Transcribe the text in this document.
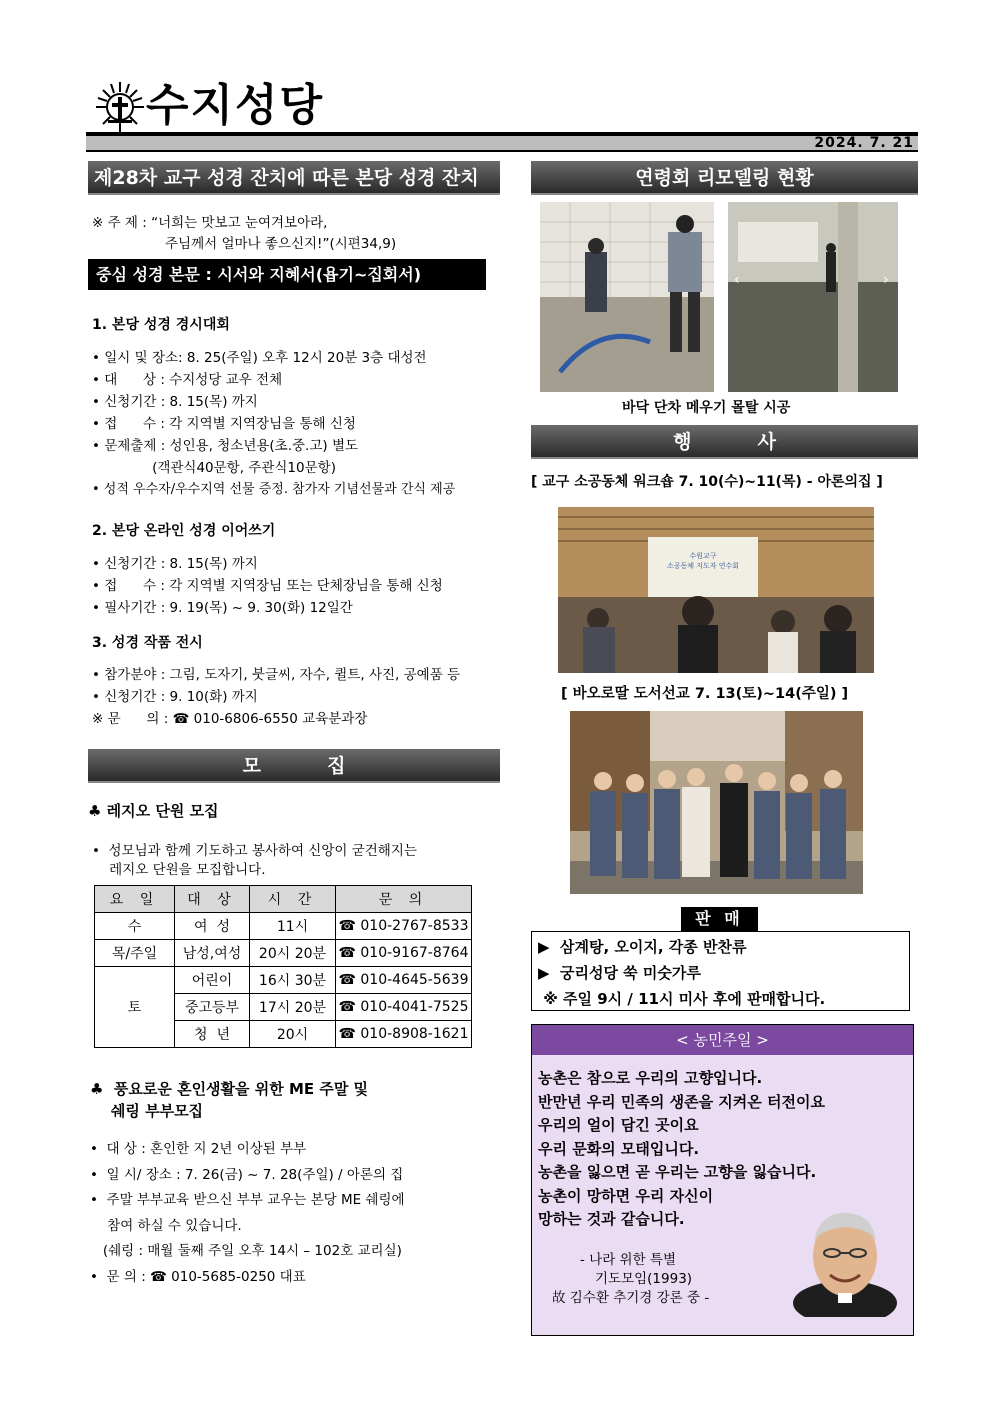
수지성당
2024. 7. 21
제28차 교구 성경 잔치에 따른 본당 성경 잔치
※ 주 제 : “너희는 맛보고 눈여겨보아라,
주님께서 얼마나 좋으신지!”(시편34,9)
중심 성경 본문 : 시서와 지혜서(욥기~집회서)
1. 본당 성경 경시대회
• 일시 및 장소: 8. 25(주일) 오후 12시 20분 3층 대성전
• 대      상 : 수지성당 교우 전체
• 신청기간 : 8. 15(목) 까지
• 접      수 : 각 지역별 지역장님을 통해 신청
• 문제출제 : 성인용, 청소년용(초.중.고) 별도
(객관식40문항, 주관식10문항)
• 성적 우수자/우수지역 선물 증정. 참가자 기념선물과 간식 제공
2. 본당 온라인 성경 이어쓰기
• 신청기간 : 8. 15(목) 까지
• 접      수 : 각 지역별 지역장님 또는 단체장님을 통해 신청
• 필사기간 : 9. 19(목) ~ 9. 30(화) 12일간
3. 성경 작품 전시
• 참가분야 : 그림, 도자기, 붓글씨, 자수, 퀼트, 사진, 공예품 등
• 신청기간 : 9. 10(화) 까지
※ 문      의 : ☎ 010-6806-6550 교육분과장
모          집
♣ 레지오 단원 모집
•  성모님과 함께 기도하고 봉사하여 신앙이 굳건해지는
레지오 단원을 모집합니다.
요 일	대 상	시 간	문 의
수	여  성	11시	☎ 010-2767-8533
목/주일	남성,여성	20시 20분	☎ 010-9167-8764
토	어린이	16시 30분	☎ 010-4645-5639
	중고등부	17시 20분	☎ 010-4041-7525
	청  년	20시	☎ 010-8908-1621
♣  풍요로운 혼인생활을 위한 ME 주말 및
쉐링 부부모집
•  대 상 : 혼인한 지 2년 이상된 부부
•  일 시/ 장소 : 7. 26(금) ~ 7. 28(주일) / 아론의 집
•  주말 부부교육 받으신 부부 교우는 본당 ME 쉐링에
참여 하실 수 있습니다.
(쉐링 : 매월 둘째 주일 오후 14시 – 102호 교리실)
•  문 의 : ☎ 010-5685-0250 대표
연령회 리모델링 현황
‹	›
바닥 단차 메우기 몰탈 시공
행          사
[ 교구 소공동체 워크숍 7. 10(수)~11(목) - 아론의집 ]
수원교구
소공동체 지도자 연수회
[ 바오로딸 도서선교 7. 13(토)~14(주일) ]
판 매
▶  삼계탕, 오이지, 각종 반찬류
▶  궁리성당 쑥 미숫가루
※ 주일 9시 / 11시 미사 후에 판매합니다.
< 농민주일 >
농촌은 참으로 우리의 고향입니다.
반만년 우리 민족의 생존을 지켜온 터전이요
우리의 얼이 담긴 곳이요
우리 문화의 모태입니다.
농촌을 잃으면 곧 우리는 고향을 잃습니다.
농촌이 망하면 우리 자신이
망하는 것과 같습니다.
- 나라 위한 특별
기도모임(1993)
故 김수환 추기경 강론 중 -
